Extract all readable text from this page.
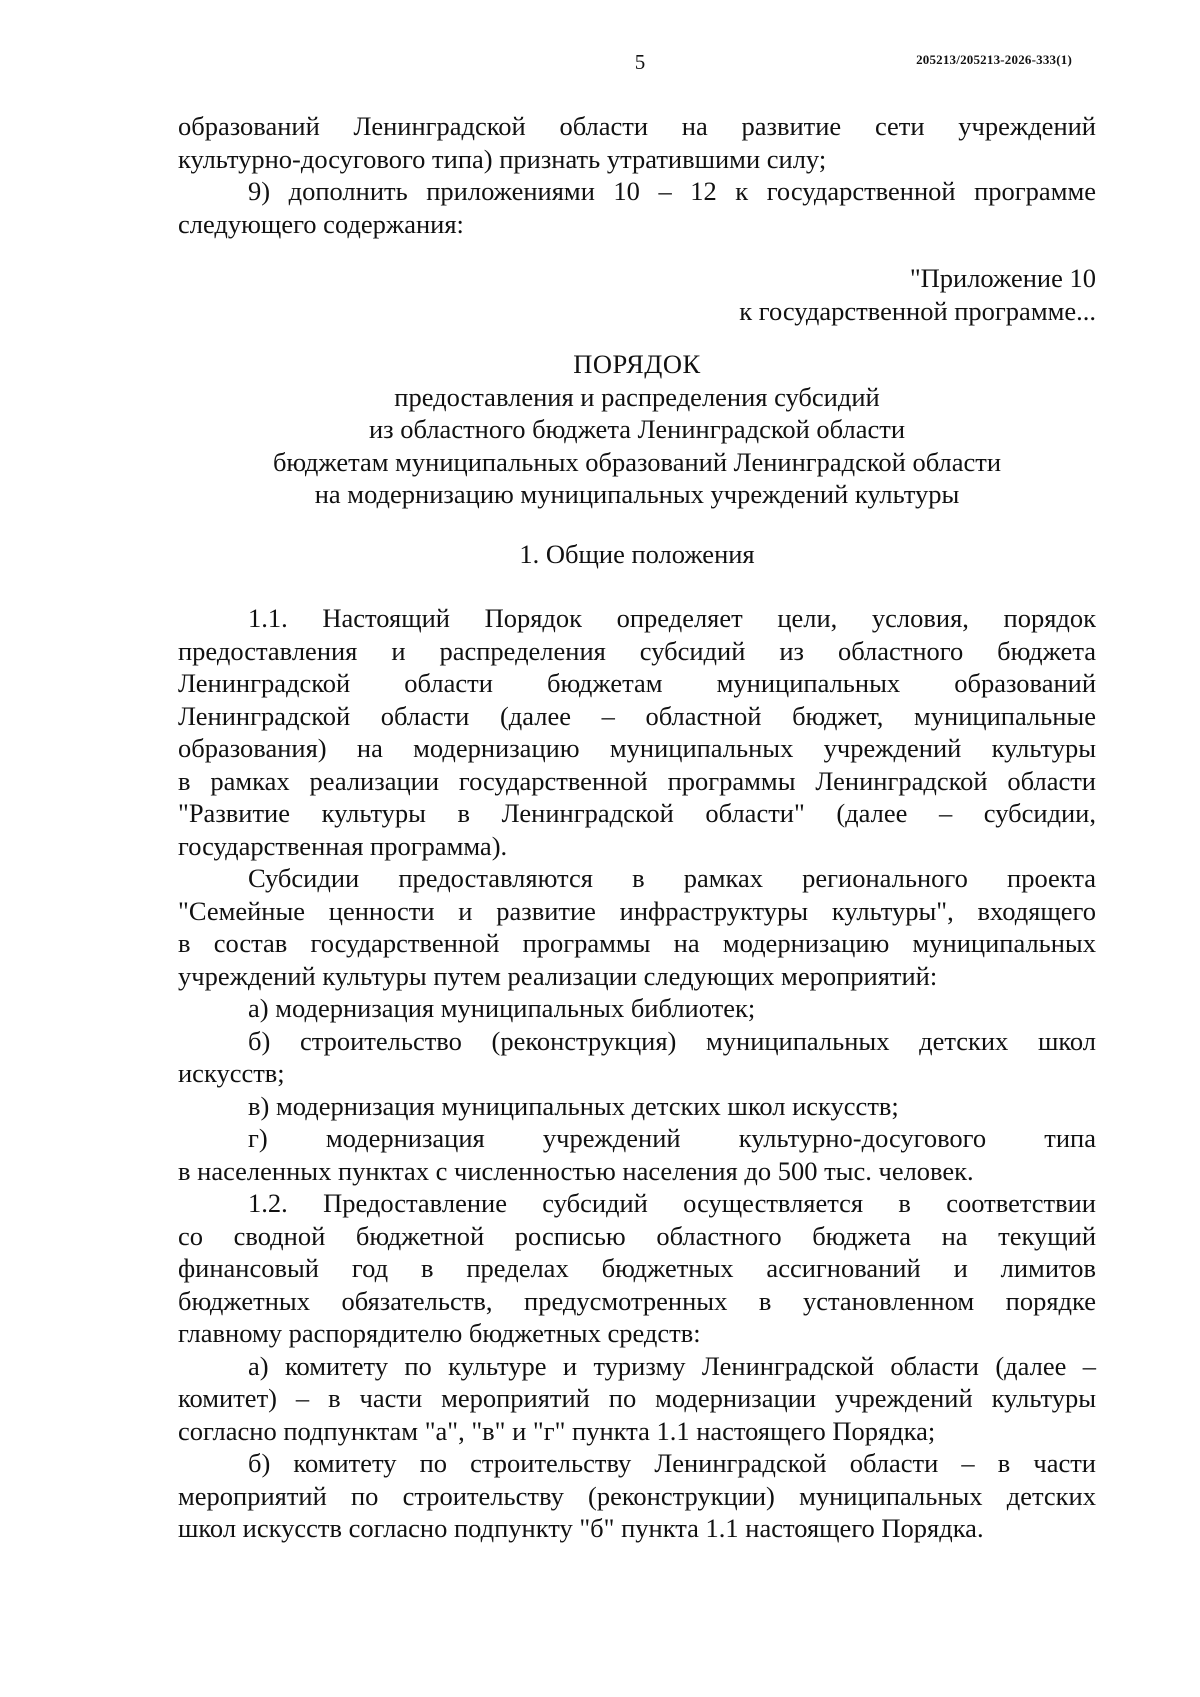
5	205213/205213-2026-333(1)

образований Ленинградской области на развитие сети учреждений
культурно-досугового типа) признать утратившими силу;

9) дополнить приложениями 10 – 12 к государственной программе
следующего содержания:

"Приложение 10
к государственной программе...

ПОРЯДОК
предоставления и распределения субсидий
из областного бюджета Ленинградской области
бюджетам муниципальных образований Ленинградской области
на модернизацию муниципальных учреждений культуры

1. Общие положения

1.1. Настоящий Порядок определяет цели, условия, порядок
предоставления и распределения субсидий из областного бюджета
Ленинградской области бюджетам муниципальных образований
Ленинградской области (далее – областной бюджет, муниципальные
образования) на модернизацию муниципальных учреждений культуры
в рамках реализации государственной программы Ленинградской области
"Развитие культуры в Ленинградской области" (далее – субсидии,
государственная программа).

Субсидии предоставляются в рамках регионального проекта
"Семейные ценности и развитие инфраструктуры культуры", входящего
в состав государственной программы на модернизацию муниципальных
учреждений культуры путем реализации следующих мероприятий:

а) модернизация муниципальных библиотек;

б) строительство (реконструкция) муниципальных детских школ
искусств;

в) модернизация муниципальных детских школ искусств;

г) модернизация учреждений культурно-досугового типа
в населенных пунктах с численностью населения до 500 тыс. человек.

1.2. Предоставление субсидий осуществляется в соответствии
со сводной бюджетной росписью областного бюджета на текущий
финансовый год в пределах бюджетных ассигнований и лимитов
бюджетных обязательств, предусмотренных в установленном порядке
главному распорядителю бюджетных средств:

а) комитету по культуре и туризму Ленинградской области (далее –
комитет) – в части мероприятий по модернизации учреждений культуры
согласно подпунктам "а", "в" и "г" пункта 1.1 настоящего Порядка;

б) комитету по строительству Ленинградской области – в части
мероприятий по строительству (реконструкции) муниципальных детских
школ искусств согласно подпункту "б" пункта 1.1 настоящего Порядка.
